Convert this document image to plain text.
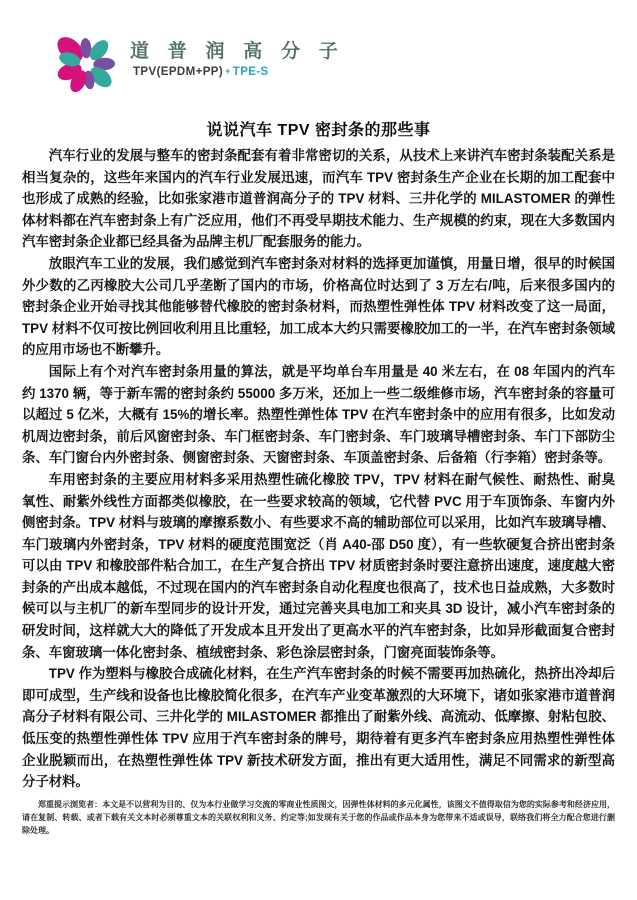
道 普 润 高 分 子
TPV(EPDM+PP) + TPE-S
说说汽车 TPV 密封条的那些事

汽车行业的发展与整车的密封条配套有着非常密切的关系，从技术上来讲汽车密封条装配关系是相当复杂的，这些年来国内的汽车行业发展迅速，而汽车 TPV 密封条生产企业在长期的加工配套中也形成了成熟的经验，比如张家港市道普润高分子的 TPV 材料、三井化学的 MILASTOMER 的弹性体材料都在汽车密封条上有广泛应用，他们不再受早期技术能力、生产规模的约束，现在大多数国内汽车密封条企业都已经具备为品牌主机厂配套服务的能力。

放眼汽车工业的发展，我们感觉到汽车密封条对材料的选择更加谨慎，用量日增，很早的时候国外少数的乙丙橡胶大公司几乎垄断了国内的市场，价格高位时达到了 3 万左右/吨，后来很多国内的密封条企业开始寻找其他能够替代橡胶的密封条材料，而热塑性弹性体 TPV 材料改变了这一局面，TPV 材料不仅可按比例回收利用且比重轻，加工成本大约只需要橡胶加工的一半，在汽车密封条领域的应用市场也不断攀升。

国际上有个对汽车密封条用量的算法，就是平均单台车用量是 40 米左右，在 08 年国内的汽车约 1370 辆，等于新车需的密封条约 55000 多万米，还加上一些二级维修市场，汽车密封条的容量可以超过 5 亿米，大概有 15%的增长率。热塑性弹性体 TPV 在汽车密封条中的应用有很多，比如发动机周边密封条，前后风窗密封条、车门框密封条、车门密封条、车门玻璃导槽密封条、车门下部防尘条、车门窗台内外密封条、侧窗密封条、天窗密封条、车顶盖密封条、后备箱（行李箱）密封条等。

车用密封条的主要应用材料多采用热塑性硫化橡胶 TPV，TPV 材料在耐气候性、耐热性、耐臭氧性、耐紫外线性方面都类似橡胶，在一些要求较高的领域，它代替 PVC 用于车顶饰条、车窗内外侧密封条。TPV 材料与玻璃的摩擦系数小、有些要求不高的辅助部位可以采用，比如汽车玻璃导槽、车门玻璃内外密封条，TPV 材料的硬度范围宽泛（肖 A40-邵 D50 度），有一些软硬复合挤出密封条可以由 TPV 和橡胶部件粘合加工，在生产复合挤出 TPV 材质密封条时要注意挤出速度，速度越大密封条的产出成本越低，不过现在国内的汽车密封条自动化程度也很高了，技术也日益成熟，大多数时候可以与主机厂的新车型同步的设计开发，通过完善夹具电加工和夹具 3D 设计，减小汽车密封条的研发时间，这样就大大的降低了开发成本且开发出了更高水平的汽车密封条，比如异形截面复合密封条、车窗玻璃一体化密封条、植绒密封条、彩色涂层密封条，门窗亮面装饰条等。

TPV 作为塑料与橡胶合成硫化材料，在生产汽车密封条的时候不需要再加热硫化，热挤出冷却后即可成型，生产线和设备也比橡胶简化很多，在汽车产业变革激烈的大环境下，诸如张家港市道普润高分子材料有限公司、三井化学的 MILASTOMER 都推出了耐紫外线、高流动、低摩擦、射粘包胶、低压变的热塑性弹性体 TPV 应用于汽车密封条的牌号，期待着有更多汽车密封条应用热塑性弹性体企业脱颖而出，在热塑性弹性体 TPV 新技术研发方面，推出有更大适用性，满足不同需求的新型高分子材料。

郑重提示浏览者：本文是不以营利为目的、仅为本行业做学习交流的零商业性质图文，因弹性体材料的多元化属性，该图文不值得取信为您的实际参考和经济应用，请在复制、转载、或者下载有关文本时必须尊重文本的关联权利和义务、约定等;如发现有关于您的作品或作品本身为您带来不适或误导，联络我们将全力配合您进行删除处理。
